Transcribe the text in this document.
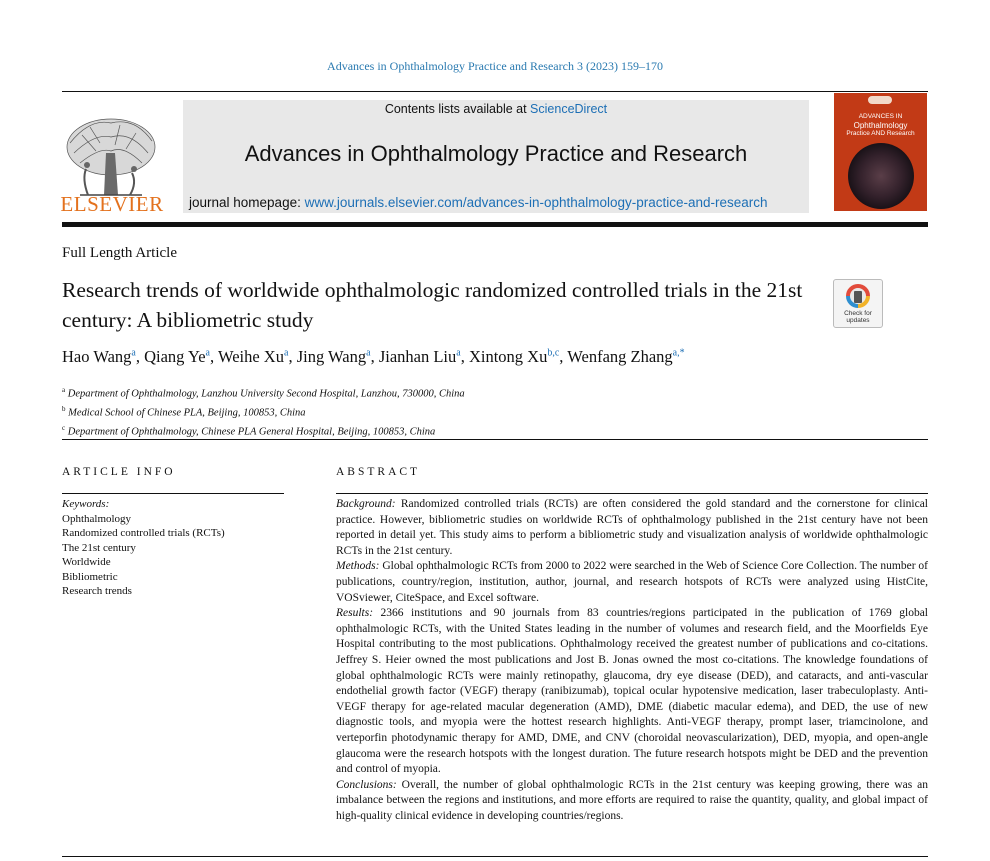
Advances in Ophthalmology Practice and Research 3 (2023) 159–170
ELSEVIER
Contents lists available at ScienceDirect
Advances in Ophthalmology Practice and Research
journal homepage: www.journals.elsevier.com/advances-in-ophthalmology-practice-and-research
ADVANCES IN
Ophthalmology
Practice AND Research
Full Length Article
Research trends of worldwide ophthalmologic randomized controlled trials in the 21st century: A bibliometric study	Check for
updates
Hao Wang$^a$, Qiang Ye$^a$, Weihe Xu$^a$, Jing Wang$^a$, Jianhan Liu$^a$, Xintong Xu$^{b,c}$, Wenfang Zhang$^{a,*}$
$^a$ Department of Ophthalmology, Lanzhou University Second Hospital, Lanzhou, 730000, China
$^b$ Medical School of Chinese PLA, Beijing, 100853, China
$^c$ Department of Ophthalmology, Chinese PLA General Hospital, Beijing, 100853, China
ARTICLE INFO	ABSTRACT
Keywords:
Ophthalmology
Randomized controlled trials (RCTs)
The 21st century
Worldwide
Bibliometric
Research trends

Background: Randomized controlled trials (RCTs) are often considered the gold standard and the cornerstone for clinical practice. However, bibliometric studies on worldwide RCTs of ophthalmology published in the 21st century have not been reported in detail yet. This study aims to perform a bibliometric study and visualization analysis of worldwide ophthalmologic RCTs in the 21st century.

Methods: Global ophthalmologic RCTs from 2000 to 2022 were searched in the Web of Science Core Collection. The number of publications, country/region, institution, author, journal, and research hotspots of RCTs were analyzed using HistCite, VOSviewer, CiteSpace, and Excel software.

Results: 2366 institutions and 90 journals from 83 countries/regions participated in the publication of 1769 global ophthalmologic RCTs, with the United States leading in the number of volumes and research field, and the Moorfields Eye Hospital contributing to the most publications. Ophthalmology received the greatest number of publications and co-citations. Jeffrey S. Heier owned the most publications and Jost B. Jonas owned the most co-citations. The knowledge foundations of global ophthalmologic RCTs were mainly retinopathy, glaucoma, dry eye disease (DED), and cataracts, and anti-vascular endothelial growth factor (VEGF) therapy (ranibizumab), topical ocular hypotensive medication, laser trabeculoplasty. Anti-VEGF therapy for age-related macular degeneration (AMD), DME (diabetic macular edema), and DED, the use of new diagnostic tools, and myopia were the hottest research highlights. Anti-VEGF therapy, prompt laser, triamcinolone, and verteporfin photodynamic therapy for AMD, DME, and CNV (choroidal neovascularization), DED, myopia, and open-angle glaucoma were the research hotspots with the longest duration. The future research hotspots might be DED and the prevention and control of myopia.

Conclusions: Overall, the number of global ophthalmologic RCTs in the 21st century was keeping growing, there was an imbalance between the regions and institutions, and more efforts are required to raise the quantity, quality, and global impact of high-quality clinical evidence in developing countries/regions.
